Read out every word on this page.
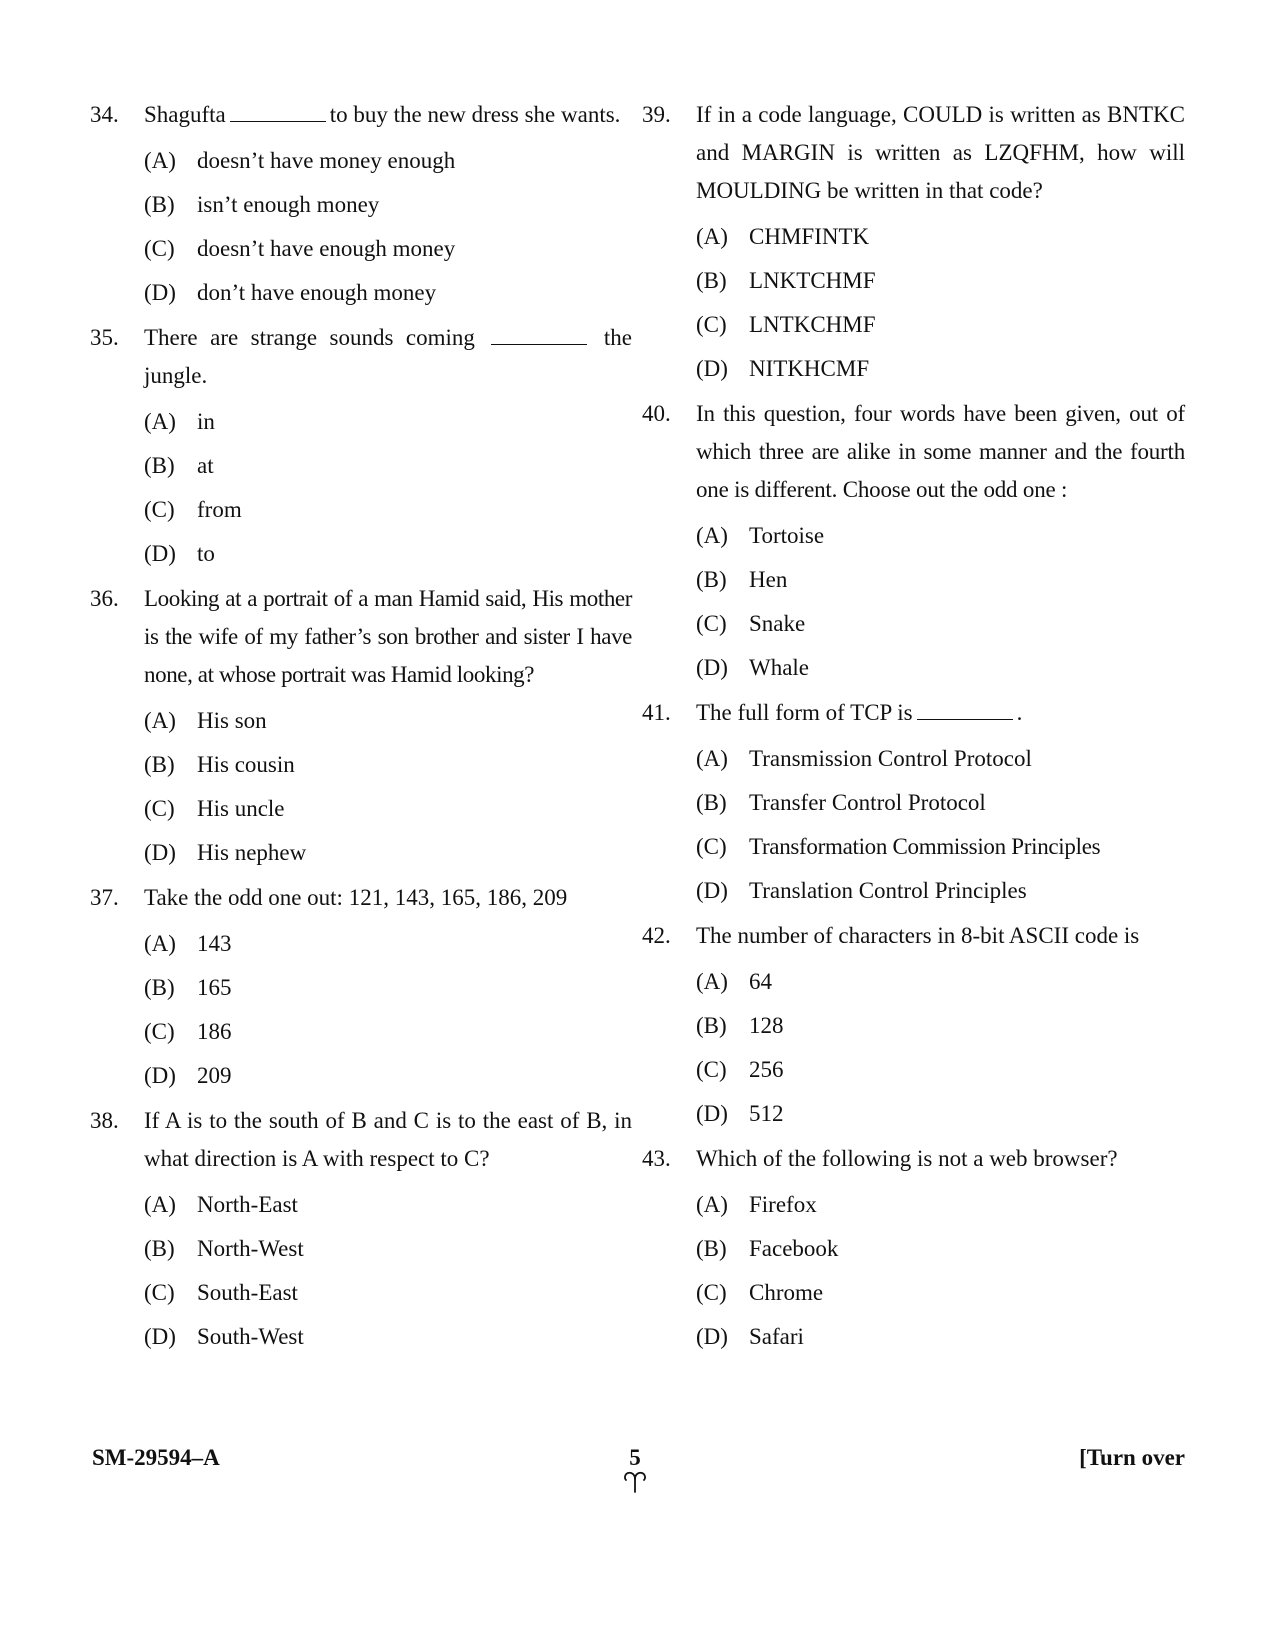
34.	Shagufta	to buy the new dress she wants.
(A) doesn’t have money enough
(B) isn’t enough money
(C) doesn’t have enough money
(D) don’t have enough money
35.	There are strange sounds coming	the jungle.
(A) in
(B) at
(C) from
(D) to
36.	Looking at a portrait of a man Hamid said, His mother is the wife of my father’s son brother and sister I have none, at whose portrait was Hamid looking?
(A) His son
(B) His cousin
(C) His uncle
(D) His nephew
37.	Take the odd one out: 121, 143, 165, 186, 209
(A) 143
(B) 165
(C) 186
(D) 209
38.	If A is to the south of B and C is to the east of B, in what direction is A with respect to C?
(A) North-East
(B) North-West
(C) South-East
(D) South-West
39.	If in a code language, COULD is written as BNTKC and MARGIN is written as LZQFHM, how will MOULDING be written in that code?
(A) CHMFINTK
(B) LNKTCHMF
(C) LNTKCHMF
(D) NITKHCMF
40.	In this question, four words have been given, out of which three are alike in some manner and the fourth one is different. Choose out the odd one :
(A) Tortoise
(B) Hen
(C) Snake
(D) Whale
41.	The full form of TCP is	.
(A) Transmission Control Protocol
(B) Transfer Control Protocol
(C) Transformation Commission Principles
(D) Translation Control Principles
42.	The number of characters in 8-bit ASCII code is
(A) 64
(B) 128
(C) 256
(D) 512
43.	Which of the following is not a web browser?
(A) Firefox
(B) Facebook
(C) Chrome
(D) Safari
SM-29594–A	5	[Turn over
